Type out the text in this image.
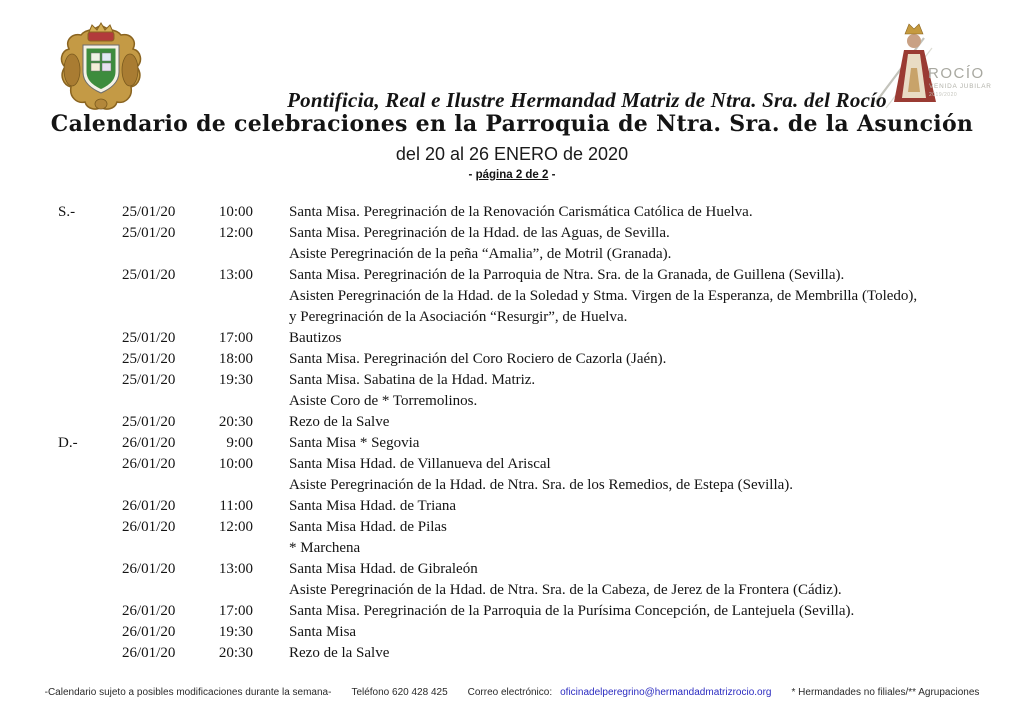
ROCÍO
VENIDA JUBILAR
2019/2020
Pontificia, Real e Ilustre Hermandad Matriz de Ntra. Sra. del Rocío
Calendario de celebraciones en la Parroquia de Ntra. Sra. de la Asunción
del 20 al 26 ENERO de 2020
- página 2 de 2 -
S.-	25/01/20	10:00	Santa Misa. Peregrinación de la Renovación Carismática Católica de Huelva.
25/01/20	12:00	Santa Misa. Peregrinación de la Hdad. de las Aguas, de Sevilla.
Asiste Peregrinación de la peña “Amalia”, de Motril (Granada).
25/01/20	13:00	Santa Misa. Peregrinación de la Parroquia de Ntra. Sra. de la Granada, de Guillena (Sevilla).
Asisten Peregrinación de la Hdad. de la Soledad y Stma. Virgen de la Esperanza, de Membrilla (Toledo),
y Peregrinación de la Asociación “Resurgir”, de Huelva.
25/01/20	17:00	Bautizos
25/01/20	18:00	Santa Misa. Peregrinación del Coro Rociero de Cazorla (Jaén).
25/01/20	19:30	Santa Misa. Sabatina de la Hdad. Matriz.
Asiste Coro de * Torremolinos.
25/01/20	20:30	Rezo de la Salve
D.-	26/01/20	9:00	Santa Misa * Segovia
26/01/20	10:00	Santa Misa Hdad. de Villanueva del Ariscal
Asiste Peregrinación de la Hdad. de Ntra. Sra. de los Remedios, de Estepa (Sevilla).
26/01/20	11:00	Santa Misa Hdad. de Triana
26/01/20	12:00	Santa Misa Hdad. de Pilas
* Marchena
26/01/20	13:00	Santa Misa Hdad. de Gibraleón
Asiste Peregrinación de la Hdad. de Ntra. Sra. de la Cabeza, de Jerez de la Frontera (Cádiz).
26/01/20	17:00	Santa Misa. Peregrinación de la Parroquia de la Purísima Concepción, de Lantejuela (Sevilla).
26/01/20	19:30	Santa Misa
26/01/20	20:30	Rezo de la Salve
-Calendario sujeto a posibles modificaciones durante la semana- Teléfono 620 428 425 Correo electrónico: oficinadelperegrino@hermandadmatrizrocio.org * Hermandades no filiales/** Agrupaciones
